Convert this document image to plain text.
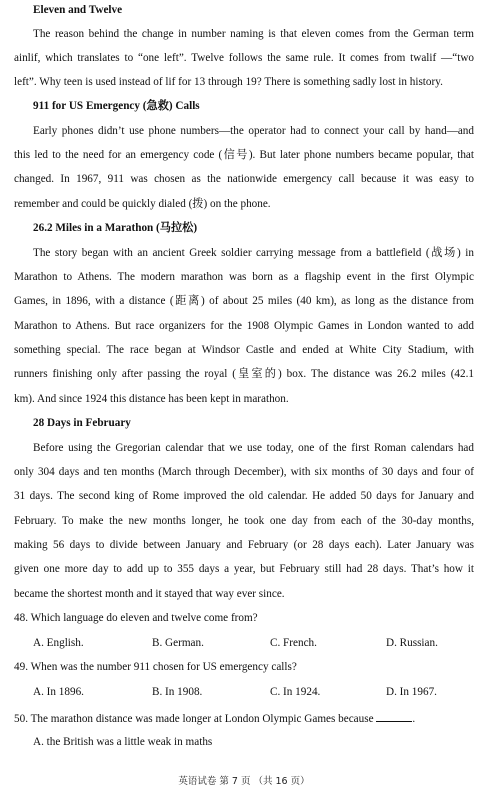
Eleven and Twelve
The reason behind the change in number naming is that eleven comes from the German term
ainlif, which translates to “one left”. Twelve follows the same rule. It comes from twalif —“two
left”. Why teen is used instead of lif for 13 through 19? There is something sadly lost in history.
911 for US Emergency (急救) Calls
Early phones didn’t use phone numbers—the operator had to connect your call by hand—and
this led to the need for an emergency code (信号). But later phone numbers became popular, that
changed. In 1967, 911 was chosen as the nationwide emergency call because it was easy to
remember and could be quickly dialed (拨) on the phone.
26.2 Miles in a Marathon (马拉松)
The story began with an ancient Greek soldier carrying message from a battlefield (战场) in
Marathon to Athens. The modern marathon was born as a flagship event in the first Olympic
Games, in 1896, with a distance (距离) of about 25 miles (40 km), as long as the distance from
Marathon to Athens. But race organizers for the 1908 Olympic Games in London wanted to add
something special. The race began at Windsor Castle and ended at White City Stadium, with
runners finishing only after passing the royal (皇室的) box. The distance was 26.2 miles (42.1
km). And since 1924 this distance has been kept in marathon.
28 Days in February
Before using the Gregorian calendar that we use today, one of the first Roman calendars had
only 304 days and ten months (March through December), with six months of 30 days and four of
31 days. The second king of Rome improved the old calendar. He added 50 days for January and
February. To make the new months longer, he took one day from each of the 30-day months,
making 56 days to divide between January and February (or 28 days each). Later January was
given one more day to add up to 355 days a year, but February still had 28 days. That’s how it
became the shortest month and it stayed that way ever since.
48. Which language do eleven and twelve come from?
A. English.	B. German.	C. French.	D. Russian.
49. When was the number 911 chosen for US emergency calls?
A. In 1896.	B. In 1908.	C. In 1924.	D. In 1967.
50. The marathon distance was made longer at London Olympic Games because	.
A. the British was a little weak in maths
英语试卷 第 7 页 （共 16 页）
